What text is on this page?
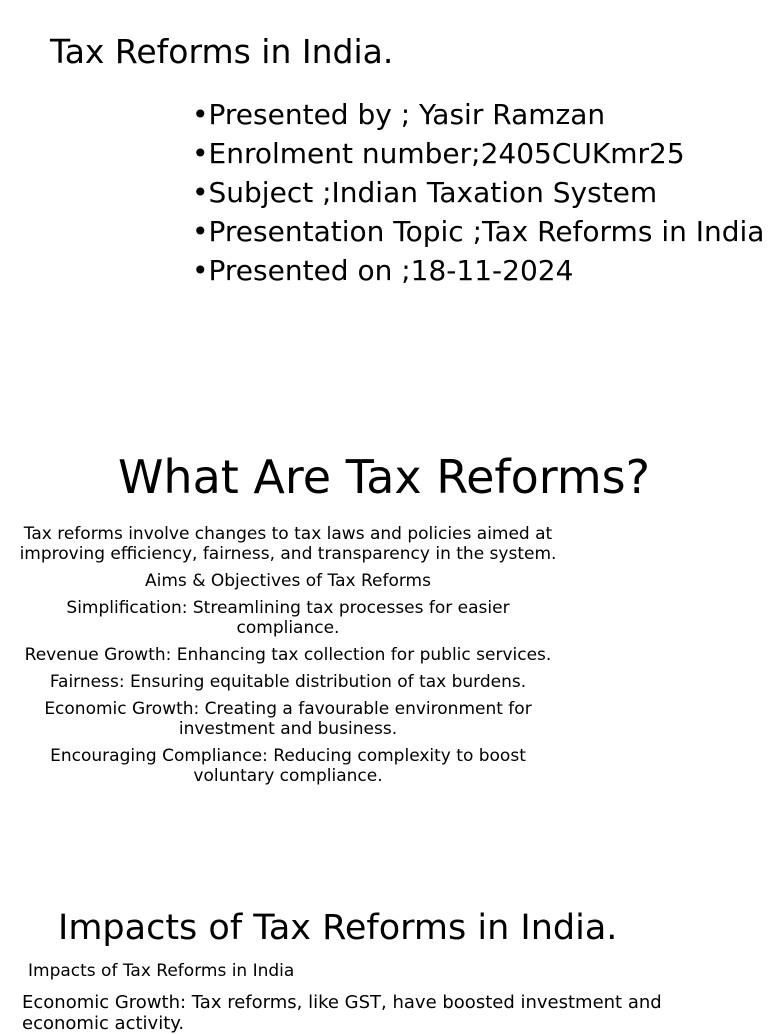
Tax Reforms in India.
• Presented by ; Yasir Ramzan
• Enrolment number;2405CUKmr25
• Subject ;Indian Taxation System
• Presentation Topic ;Tax Reforms in India
• Presented on ;18-11-2024
What Are Tax Reforms?

Tax reforms involve changes to tax laws and policies aimed at improving efficiency, fairness, and transparency in the system.

Aims & Objectives of Tax Reforms

Simplification: Streamlining tax processes for easier compliance.

Revenue Growth: Enhancing tax collection for public services.

Fairness: Ensuring equitable distribution of tax burdens.

Economic Growth: Creating a favourable environment for investment and business.

Encouraging Compliance: Reducing complexity to boost voluntary compliance.

Impacts of Tax Reforms in India.
Impacts of Tax Reforms in India

Economic Growth: Tax reforms, like GST, have boosted investment and economic activity.
